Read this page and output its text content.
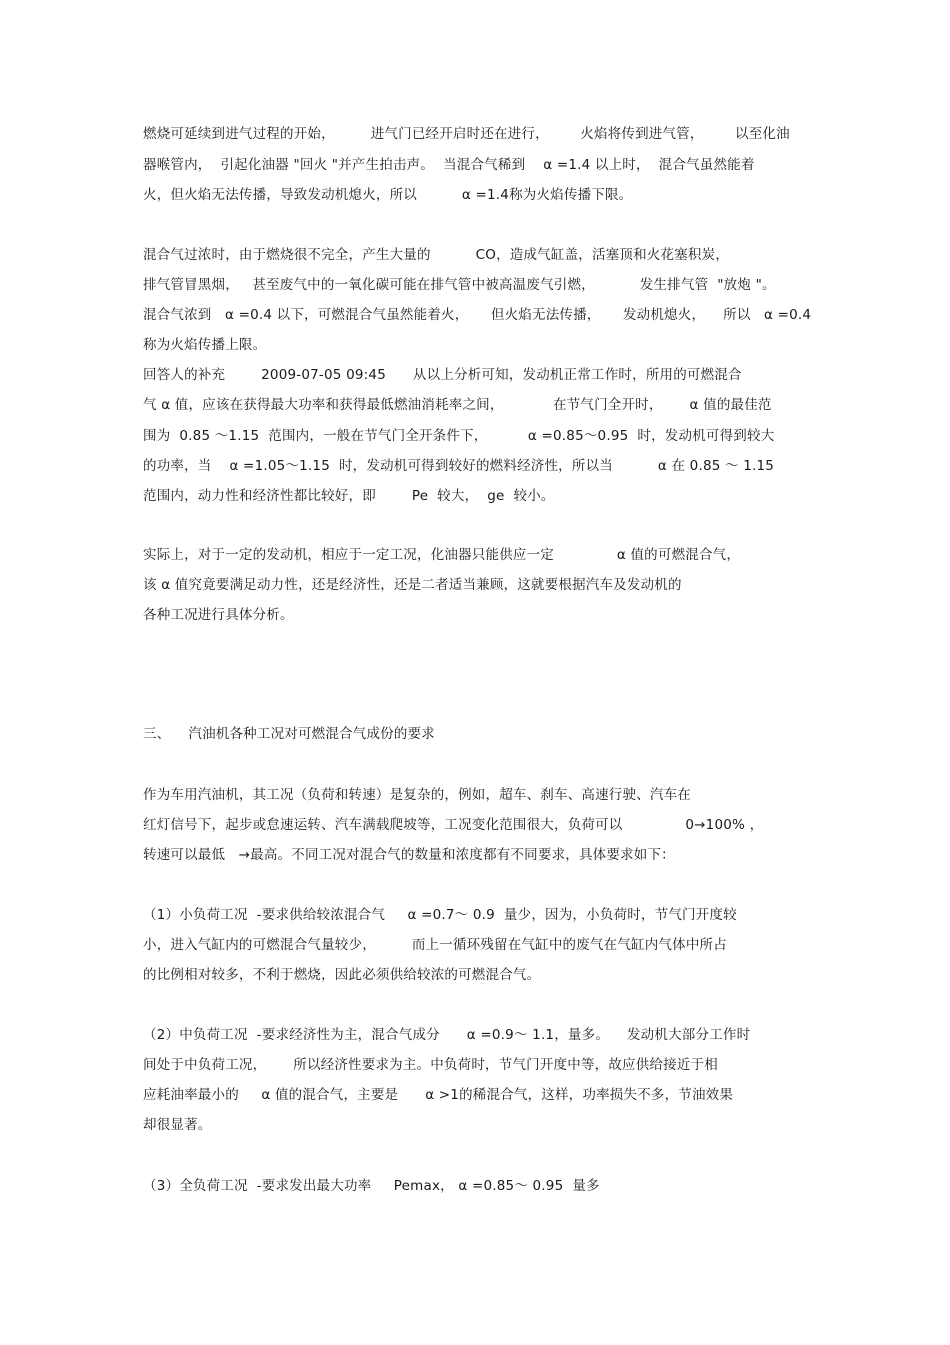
燃烧可延续到进气过程的开始，        进气门已经开启时还在进行，       火焰将传到进气管，       以至化油
器喉管内，  引起化油器 "回火 "并产生拍击声。  当混合气稀到    α =1.4 以上时，  混合气虽然能着
火，但火焰无法传播，导致发动机熄火，所以          α =1.4称为火焰传播下限。
混合气过浓时，由于燃烧很不完全，产生大量的          CO，造成气缸盖，活塞顶和火花塞积炭，
排气管冒黑烟，   甚至废气中的一氧化碳可能在排气管中被高温废气引燃，          发生排气管  "放炮 "。
混合气浓到   α =0.4 以下，可燃混合气虽然能着火，     但火焰无法传播，     发动机熄火，    所以   α =0.4
称为火焰传播上限。
回答人的补充        2009-07-05 09:45      从以上分析可知，发动机正常工作时，所用的可燃混合
气 α 值，应该在获得最大功率和获得最低燃油消耗率之间，           在节气门全开时，      α 值的最佳范
围为  0.85 ～1.15  范围内，一般在节气门全开条件下，         α =0.85～0.95  时，发动机可得到较大
的功率，当    α =1.05～1.15  时，发动机可得到较好的燃料经济性，所以当          α 在 0.85 ～ 1.15
范围内，动力性和经济性都比较好，即        Pe  较大，  ge  较小。
实际上，对于一定的发动机，相应于一定工况，化油器只能供应一定              α 值的可燃混合气，
该 α 值究竟要满足动力性，还是经济性，还是二者适当兼顾，这就要根据汽车及发动机的
各种工况进行具体分析。
三、    汽油机各种工况对可燃混合气成份的要求
作为车用汽油机，其工况（负荷和转速）是复杂的，例如，超车、刹车、高速行驶、汽车在
红灯信号下，起步或怠速运转、汽车满载爬坡等，工况变化范围很大，负荷可以              0→100% ，
转速可以最低   →最高。不同工况对混合气的数量和浓度都有不同要求，具体要求如下：
（1）小负荷工况  -要求供给较浓混合气     α =0.7～ 0.9  量少，因为，小负荷时，节气门开度较
小，进入气缸内的可燃混合气量较少，        而上一循环残留在气缸中的废气在气缸内气体中所占
的比例相对较多，不利于燃烧，因此必须供给较浓的可燃混合气。
（2）中负荷工况  -要求经济性为主，混合气成分      α =0.9～ 1.1，量多。    发动机大部分工作时
间处于中负荷工况，      所以经济性要求为主。中负荷时，节气门开度中等，故应供给接近于相
应耗油率最小的     α 值的混合气，主要是      α >1的稀混合气，这样，功率损失不多，节油效果
却很显著。
（3）全负荷工况  -要求发出最大功率     Pemax， α =0.85～ 0.95  量多
